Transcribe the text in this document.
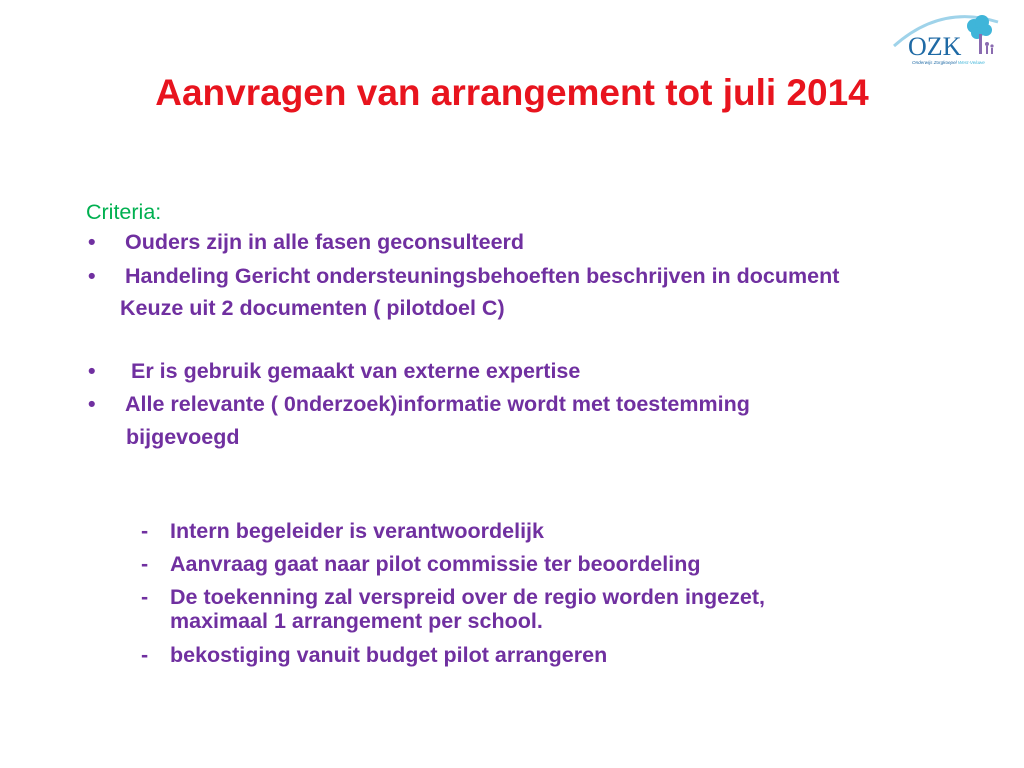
OZK
Onderwijs Zorgkoepel West-Veluwe
Aanvragen van arrangement tot juli 2014
Criteria:
• Ouders zijn in alle fasen geconsulteerd
• Handeling Gericht ondersteuningsbehoeften beschrijven in document
Keuze uit 2 documenten ( pilotdoel C)
• Er is gebruik gemaakt van externe expertise
• Alle relevante ( 0nderzoek)informatie wordt met toestemming
bijgevoegd
- Intern begeleider is verantwoordelijk
- Aanvraag gaat naar pilot commissie ter beoordeling
- De toekenning zal verspreid over de regio worden ingezet,
maximaal 1 arrangement per school.
- bekostiging vanuit budget pilot arrangeren
